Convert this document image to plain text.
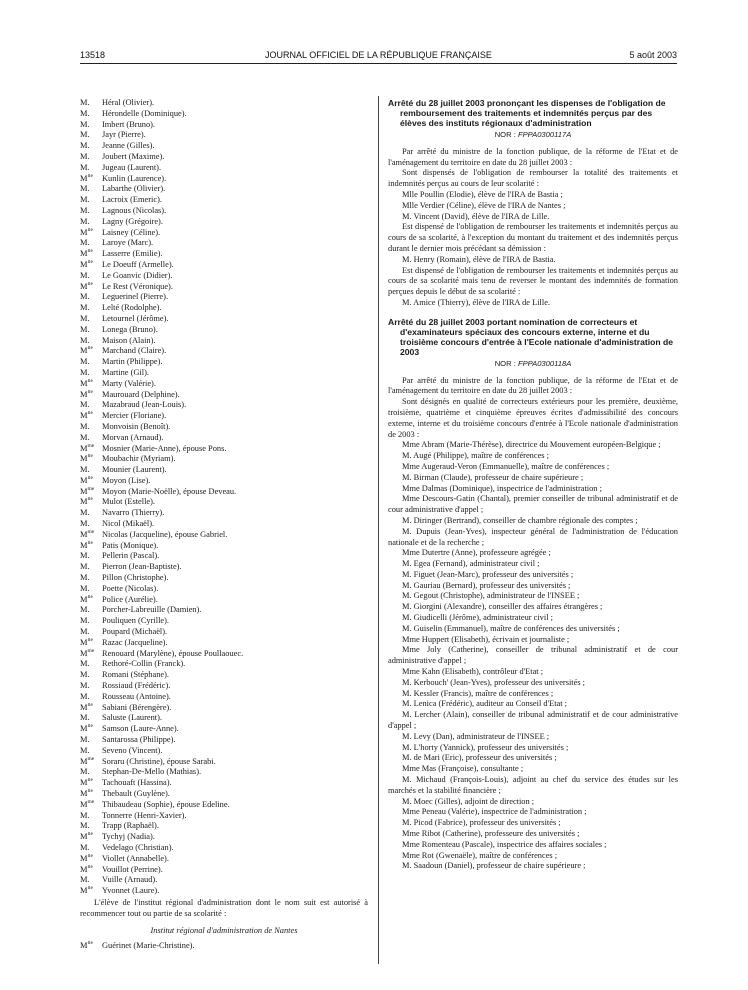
13518	JOURNAL OFFICIEL DE LA RÉPUBLIQUE FRANÇAISE	5 août 2003
M. Héral (Olivier).
M. Hérondelle (Dominique).
M. Imbert (Bruno).
M. Jayr (Pierre).
M. Jeanne (Gilles).
M. Joubert (Maxime).
M. Jugeau (Laurent).
$M^{lle}$ Kunlin (Laurence).
M. Labarthe (Olivier).
M. Lacroix (Emeric).
M. Lagnous (Nicolas).
M. Lagny (Grégoire).
$M^{lle}$ Laisney (Céline).
M. Laroye (Marc).
$M^{lle}$ Lasserre (Emilie).
$M^{lle}$ Le Doeuff (Armelle).
M. Le Goanvic (Didier).
$M^{lle}$ Le Rest (Véronique).
M. Leguerinel (Pierre).
M. Lelté (Rodolphe).
M. Letournel (Jérôme).
M. Lonega (Bruno).
M. Maison (Alain).
$M^{lle}$ Marchand (Claire).
M. Martin (Philippe).
M. Martine (Gil).
$M^{lle}$ Marty (Valérie).
$M^{lle}$ Maurouard (Delphine).
M. Mazabraud (Jean-Louis).
$M^{lle}$ Mercier (Floriane).
M. Monvoisin (Benoît).
M. Morvan (Arnaud).
$M^{me}$ Mosnier (Marie-Anne), épouse Pons.
$M^{lle}$ Moubachir (Myriam).
M. Mounier (Laurent).
$M^{lle}$ Moyon (Lise).
$M^{me}$ Moyon (Marie-Noëlle), épouse Deveau.
$M^{lle}$ Mulot (Estelle).
M. Navarro (Thierry).
M. Nicol (Mikaël).
$M^{me}$ Nicolas (Jacqueline), épouse Gabriel.
$M^{lle}$ Patis (Monique).
M. Pellerin (Pascal).
M. Pierron (Jean-Baptiste).
M. Pillon (Christophe).
M. Poette (Nicolas).
$M^{lle}$ Police (Aurélie).
M. Porcher-Labreuille (Damien).
M. Pouliquen (Cyrille).
M. Poupard (Michaël).
$M^{lle}$ Razac (Jacqueline).
$M^{me}$ Renouard (Marylène), épouse Poullaouec.
M. Rethoré-Collin (Franck).
M. Romani (Stéphane).
M. Rossiaud (Frédéric).
M. Rousseau (Antoine).
$M^{lle}$ Sabiani (Bérengère).
M. Saluste (Laurent).
$M^{lle}$ Samson (Laure-Anne).
M. Santarossa (Philippe).
M. Seveno (Vincent).
$M^{me}$ Soraru (Christine), épouse Sarabi.
M. Stephan-De-Mello (Mathias).
$M^{lle}$ Tachouaft (Hassina).
$M^{lle}$ Thebault (Guylène).
$M^{me}$ Thibaudeau (Sophie), épouse Edeline.
M. Tonnerre (Henri-Xavier).
M. Trapp (Raphaël).
$M^{lle}$ Tychyj (Nadia).
M. Vedelago (Christian).
$M^{lle}$ Viollet (Annabelle).
$M^{lle}$ Vouillot (Perrine).
M. Vuille (Arnaud).
$M^{lle}$ Yvonnet (Laure).
L'élève de l'institut régional d'administration dont le nom suit est autorisé à recommencer tout ou partie de sa scolarité :
Institut régional d'administration de Nantes
$M^{lle}$ Guérinet (Marie-Christine).
Arrêté du 28 juillet 2003 prononçant les dispenses de l'obligation de remboursement des traitements et indemnités perçus par des élèves des instituts régionaux d'administration
NOR : FPPA0300117A
Par arrêté du ministre de la fonction publique, de la réforme de l'Etat et de l'aménagement du territoire en date du 28 juillet 2003 :
Sont dispensés de l'obligation de rembourser la totalité des traitements et indemnités perçus au cours de leur scolarité :
Mlle Poullin (Elodie), élève de l'IRA de Bastia ;
Mlle Verdier (Céline), élève de l'IRA de Nantes ;
M. Vincent (David), élève de l'IRA de Lille.
Est dispensé de l'obligation de rembourser les traitements et indemnités perçus au cours de sa scolarité, à l'exception du montant du traitement et des indemnités perçus durant le dernier mois précédant sa démission :
M. Henry (Romain), élève de l'IRA de Bastia.
Est dispensé de l'obligation de rembourser les traitements et indemnités perçus au cours de sa scolarité mais tenu de reverser le montant des indemnités de formation perçues depuis le début de sa scolarité :
M. Amice (Thierry), élève de l'IRA de Lille.
Arrêté du 28 juillet 2003 portant nomination de correcteurs et d'examinateurs spéciaux des concours externe, interne et du troisième concours d'entrée à l'Ecole nationale d'administration de 2003
NOR : FPPA0300118A
Par arrêté du ministre de la fonction publique, de la réforme de l'Etat et de l'aménagement du territoire en date du 28 juillet 2003 :
Sont désignés en qualité de correcteurs extérieurs pour les première, deuxième, troisième, quatrième et cinquième épreuves écrites d'admissibilité des concours externe, interne et du troisième concours d'entrée à l'Ecole nationale d'administration de 2003 :
Mme Abram (Marie-Thérèse), directrice du Mouvement européen-Belgique ;
M. Augé (Philippe), maître de conférences ;
Mme Augeraud-Veron (Emmanuelle), maître de conférences ;
M. Birman (Claude), professeur de chaire supérieure ;
Mme Dalmas (Dominique), inspectrice de l'administration ;
Mme Descours-Gatin (Chantal), premier conseiller de tribunal administratif et de cour administrative d'appel ;
M. Diringer (Bertrand), conseiller de chambre régionale des comptes ;
M. Dupuis (Jean-Yves), inspecteur général de l'administration de l'éducation nationale et de la recherche ;
Mme Dutertre (Anne), professeure agrégée ;
M. Egea (Fernand), administrateur civil ;
M. Figuet (Jean-Marc), professeur des universités ;
M. Gauriau (Bernard), professeur des universités ;
M. Gegout (Christophe), administrateur de l'INSEE ;
M. Giorgini (Alexandre), conseiller des affaires étrangères ;
M. Giudicelli (Jérôme), administrateur civil ;
M. Guiselin (Emmanuel), maître de conférences des universités ;
Mme Huppert (Elisabeth), écrivain et journaliste ;
Mme Joly (Catherine), conseiller de tribunal administratif et de cour administrative d'appel ;
Mme Kahn (Elisabeth), contrôleur d'Etat ;
M. Kerbouch' (Jean-Yves), professeur des universités ;
M. Kessler (Francis), maître de conférences ;
M. Lenica (Frédéric), auditeur au Conseil d'Etat ;
M. Lercher (Alain), conseiller de tribunal administratif et de cour administrative d'appel ;
M. Levy (Dan), administrateur de l'INSEE ;
M. L'horty (Yannick), professeur des universités ;
M. de Mari (Eric), professeur des universités ;
Mme Mas (Françoise), consultante ;
M. Michaud (François-Louis), adjoint au chef du service des études sur les marchés et la stabilité financière ;
M. Moec (Gilles), adjoint de direction ;
Mme Peneau (Valérie), inspectrice de l'administration ;
M. Picod (Fabrice), professeur des universités ;
Mme Ribot (Catherine), professeure des universités ;
Mme Romenteau (Pascale), inspectrice des affaires sociales ;
Mme Rot (Gwenaële), maître de conférences ;
M. Saadoun (Daniel), professeur de chaire supérieure ;
